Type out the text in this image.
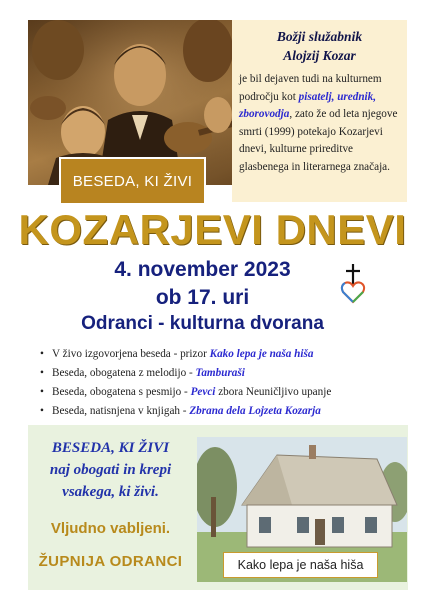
Božji služabnik
Alojzij Kozar
je bil dejaven tudi na kulturnem področju kot pisatelj, urednik, zborovodja, zato že od leta njegove smrti (1999) potekajo Kozarjevi dnevi, kulturne prireditve glasbenega in literarnega značaja.
BESEDA, KI ŽIVI
KOZARJEVI DNEVI
4. november 2023
ob 17. uri
Odranci - kulturna dvorana
• V živo izgovorjena beseda - prizor Kako lepa je naša hiša
• Beseda, obogatena z melodijo - Tamburaši
• Beseda, obogatena s pesmijo - Pevci zbora Neuničljivo upanje
• Beseda, natisnjena v knjigah - Zbrana dela Lojzeta Kozarja
BESEDA, KI ŽIVI
naj obogati in krepi
vsakega, ki živi.
Vljudno vabljeni.
ŽUPNIJA ODRANCI	Kako lepa je naša hiša
